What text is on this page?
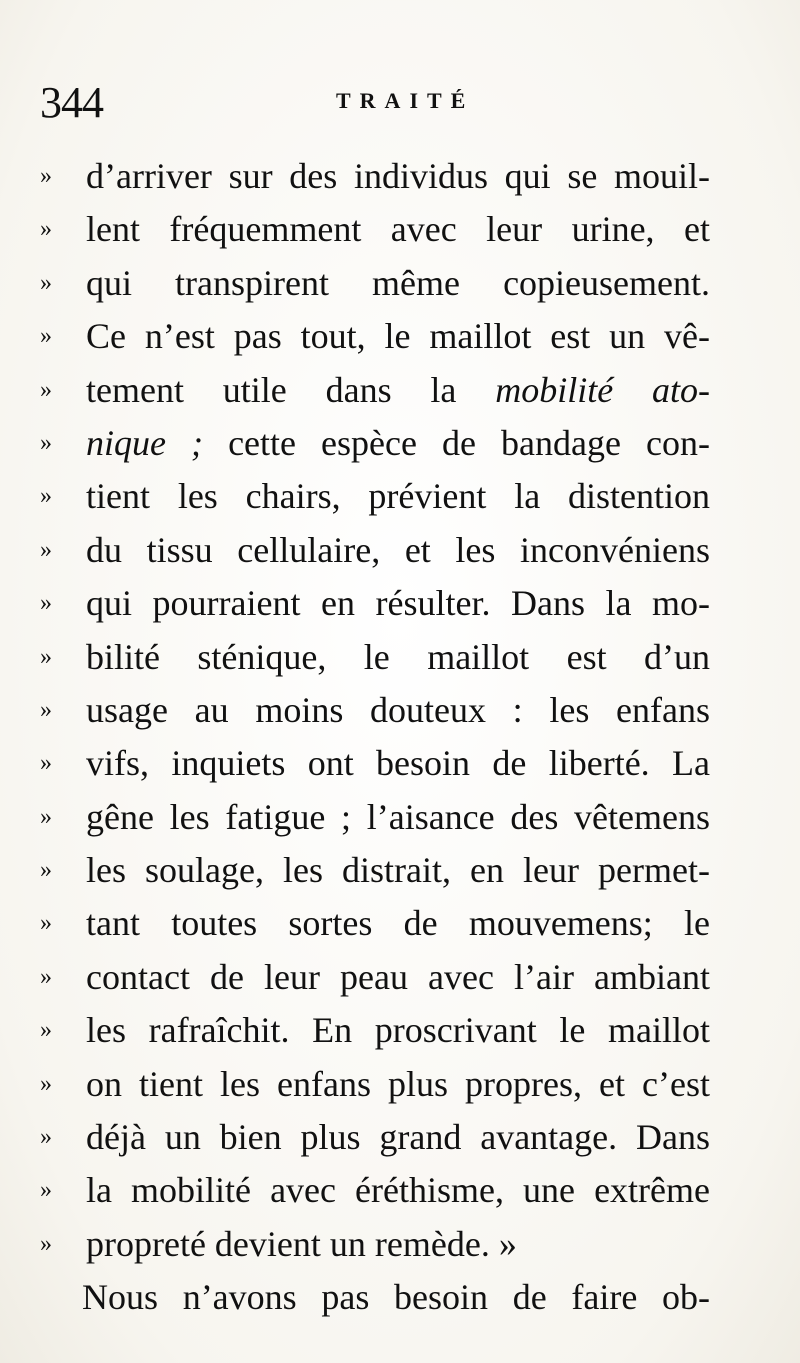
344	TRAITÉ
» d’arriver sur des individus qui se mouil-
» lent fréquemment avec leur urine, et
» qui transpirent même copieusement.
» Ce n’est pas tout, le maillot est un vê-
» tement utile dans la mobilité ato-
» nique ; cette espèce de bandage con-
» tient les chairs, prévient la distention
» du tissu cellulaire, et les inconvéniens
» qui pourraient en résulter. Dans la mo-
» bilité sténique, le maillot est d’un
» usage au moins douteux : les enfans
» vifs, inquiets ont besoin de liberté. La
» gêne les fatigue ; l’aisance des vêtemens
» les soulage, les distrait, en leur permet-
» tant toutes sortes de mouvemens; le
» contact de leur peau avec l’air ambiant
» les rafraîchit. En proscrivant le maillot
» on tient les enfans plus propres, et c’est
» déjà un bien plus grand avantage. Dans
» la mobilité avec éréthisme, une extrême
» propreté devient un remède. »
Nous n’avons pas besoin de faire ob-
